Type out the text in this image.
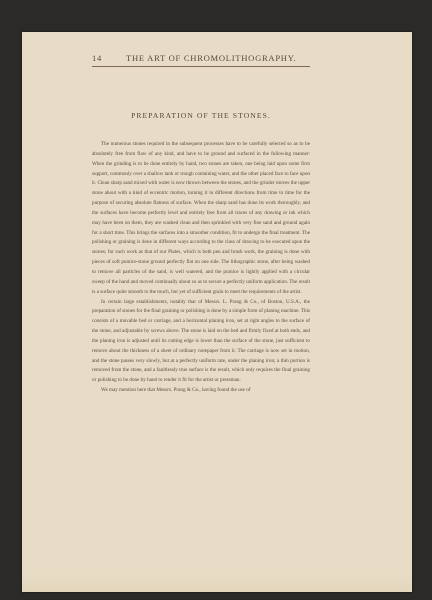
14	THE ART OF CHROMOLITHOGRAPHY.
PREPARATION OF THE STONES.

The numerous stones required in the subsequent processes have to be carefully selected so as to be absolutely free from flaw of any kind, and have to be ground and surfaced in the following manner: When the grinding is to be done entirely by hand, two stones are taken, one being laid upon some firm support, commonly over a shallow tank or trough containing water, and the other placed face to face upon it. Clean sharp sand mixed with water is now thrown between the stones, and the grinder moves the upper stone about with a kind of eccentric motion, turning it in different directions from time to time for the purpose of securing absolute flatness of surface. When the sharp sand has done its work thoroughly, and the surfaces have become perfectly level and entirely free from all traces of any drawing or ink which may have been on them, they are washed clean and then sprinkled with very fine sand and ground again for a short time. This brings the surfaces into a smoother condition, fit to undergo the final treatment. The polishing or graining is done in different ways according to the class of drawing to be executed upon the stones; for such work as that of our Plates, which is both pen and brush work, the graining is done with pieces of soft pumice-stone ground perfectly flat on one side. The lithographic stone, after being washed to remove all particles of the sand, is well watered, and the pumice is lightly applied with a circular sweep of the hand and moved continually about so as to secure a perfectly uniform application. The result is a surface quite smooth to the touch, but yet of sufficient grain to meet the requirements of the artist.

In certain large establishments, notably that of Messrs. L. Prang & Co., of Boston, U.S.A., the preparation of stones for the final graining or polishing is done by a simple form of planing machine. This consists of a movable bed or carriage, and a horizontal planing iron, set at right angles to the surface of the stone, and adjustable by screws above. The stone is laid on the bed and firmly fixed at both ends, and the planing iron is adjusted until its cutting edge is lower than the surface of the stone, just sufficient to remove about the thickness of a sheet of ordinary notepaper from it. The carriage is now set in motion, and the stone passes very slowly, but at a perfectly uniform rate, under the planing iron; a thin portion is removed from the stone, and a faultlessly true surface is the result, which only requires the final graining or polishing to be done by hand to render it fit for the artist or pressman.

We may mention here that Messrs. Prang & Co., having found the use of
